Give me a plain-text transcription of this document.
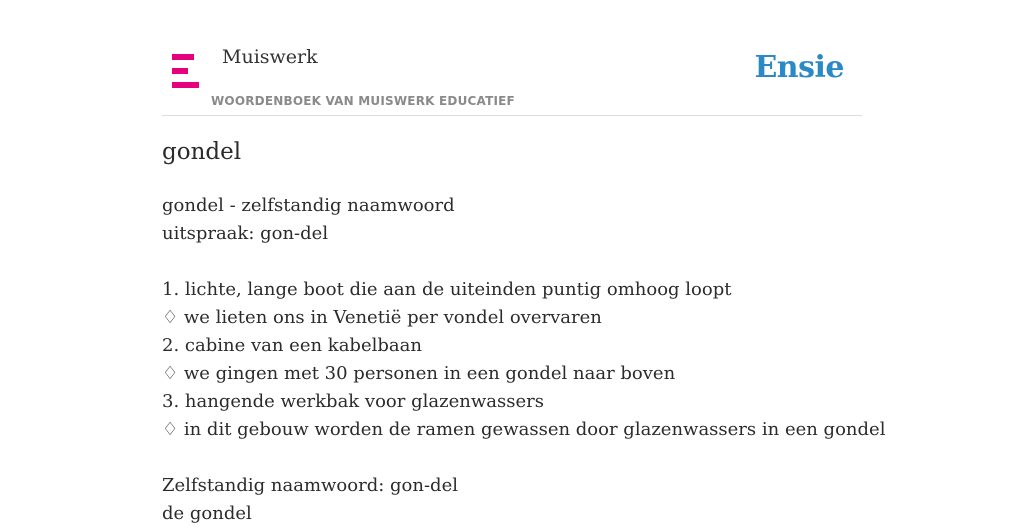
Muiswerk
WOORDENBOEK VAN MUISWERK EDUCATIEF
Ensie
gondel
gondel - zelfstandig naamwoord
uitspraak: gon-del
1. lichte, lange boot die aan de uiteinden puntig omhoog loopt
♢ we lieten ons in Venetië per vondel overvaren
2. cabine van een kabelbaan
♢ we gingen met 30 personen in een gondel naar boven
3. hangende werkbak voor glazenwassers
♢ in dit gebouw worden de ramen gewassen door glazenwassers in een gondel
Zelfstandig naamwoord: gon-del
de gondel
